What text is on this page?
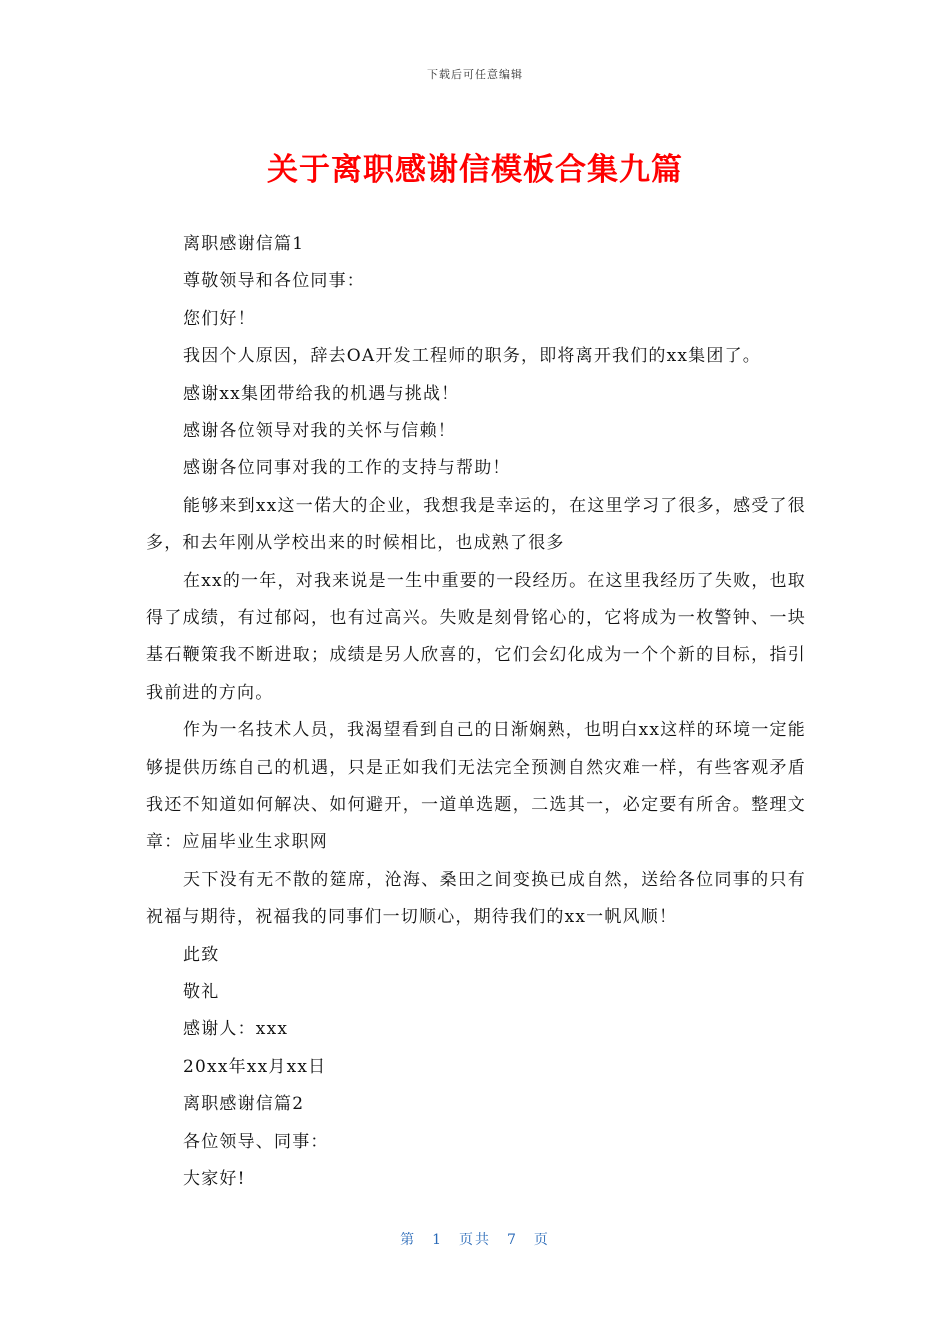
下载后可任意编辑
关于离职感谢信模板合集九篇
离职感谢信篇1
尊敬领导和各位同事：
您们好！
我因个人原因，辞去OA开发工程师的职务，即将离开我们的xx集团了。
感谢xx集团带给我的机遇与挑战！
感谢各位领导对我的关怀与信赖！
感谢各位同事对我的工作的支持与帮助！

能够来到xx这一偌大的企业，我想我是幸运的，在这里学习了很多，感受了很多，和去年刚从学校出来的时候相比，也成熟了很多

在xx的一年，对我来说是一生中重要的一段经历。在这里我经历了失败，也取得了成绩，有过郁闷，也有过高兴。失败是刻骨铭心的，它将成为一枚警钟、一块基石鞭策我不断进取；成绩是另人欣喜的，它们会幻化成为一个个新的目标，指引我前进的方向。

作为一名技术人员，我渴望看到自己的日渐娴熟，也明白xx这样的环境一定能够提供历练自己的机遇，只是正如我们无法完全预测自然灾难一样，有些客观矛盾我还不知道如何解决、如何避开，一道单选题，二选其一，必定要有所舍。整理文章：应届毕业生求职网

天下没有无不散的筵席，沧海、桑田之间变换已成自然，送给各位同事的只有祝福与期待，祝福我的同事们一切顺心，期待我们的xx一帆风顺！

此致
敬礼
感谢人：xxx
20xx年xx月xx日
离职感谢信篇2
各位领导、同事：
大家好!
第 1 页共 7 页
